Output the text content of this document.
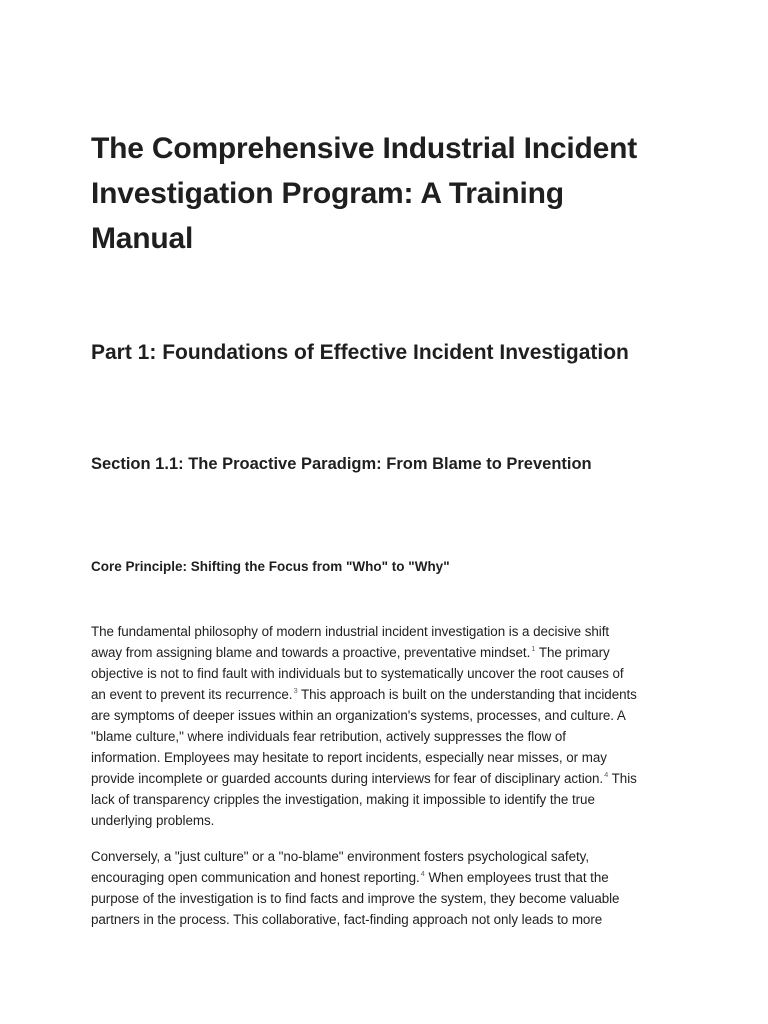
The Comprehensive Industrial Incident
Investigation Program: A Training
Manual
Part 1: Foundations of Effective Incident Investigation
Section 1.1: The Proactive Paradigm: From Blame to Prevention
Core Principle: Shifting the Focus from "Who" to "Why"

The fundamental philosophy of modern industrial incident investigation is a decisive shift
away from assigning blame and towards a proactive, preventative mindset.$^1$ The primary
objective is not to find fault with individuals but to systematically uncover the root causes of
an event to prevent its recurrence.$^3$ This approach is built on the understanding that incidents
are symptoms of deeper issues within an organization's systems, processes, and culture. A
"blame culture," where individuals fear retribution, actively suppresses the flow of
information. Employees may hesitate to report incidents, especially near misses, or may
provide incomplete or guarded accounts during interviews for fear of disciplinary action.$^4$ This
lack of transparency cripples the investigation, making it impossible to identify the true
underlying problems.

Conversely, a "just culture" or a "no-blame" environment fosters psychological safety,
encouraging open communication and honest reporting.$^4$ When employees trust that the
purpose of the investigation is to find facts and improve the system, they become valuable
partners in the process. This collaborative, fact-finding approach not only leads to more
